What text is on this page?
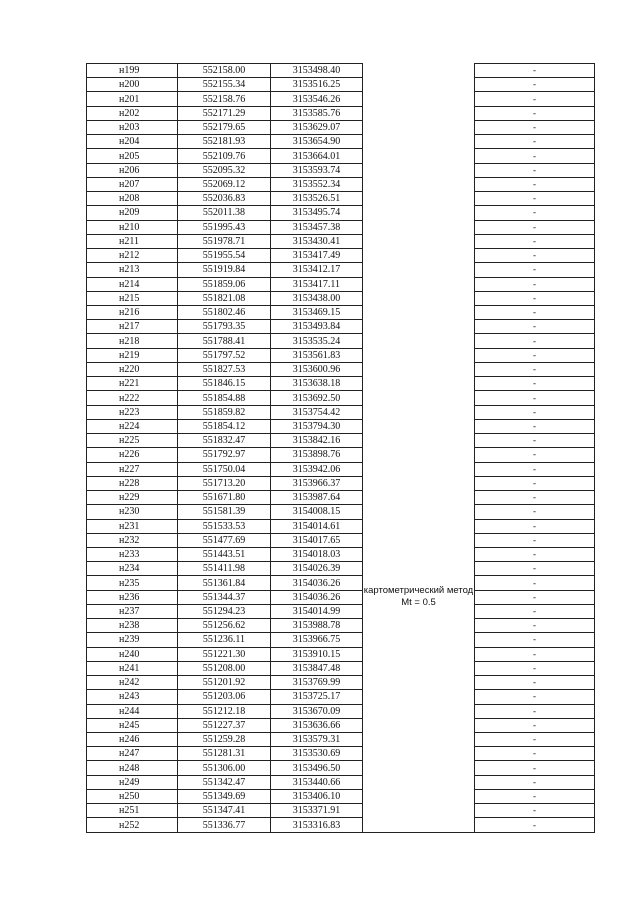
н199	552158.00	3153498.40		-
н200	552155.34	3153516.25		-
н201	552158.76	3153546.26		-
н202	552171.29	3153585.76		-
н203	552179.65	3153629.07		-
н204	552181.93	3153654.90		-
н205	552109.76	3153664.01		-
н206	552095.32	3153593.74		-
н207	552069.12	3153552.34		-
н208	552036.83	3153526.51		-
н209	552011.38	3153495.74		-
н210	551995.43	3153457.38		-
н211	551978.71	3153430.41		-
н212	551955.54	3153417.49		-
н213	551919.84	3153412.17		-
н214	551859.06	3153417.11		-
н215	551821.08	3153438.00		-
н216	551802.46	3153469.15		-
н217	551793.35	3153493.84		-
н218	551788.41	3153535.24		-
н219	551797.52	3153561.83		-
н220	551827.53	3153600.96	картометрический метод Mt = 0.5	-
н221	551846.15	3153638.18		-
н222	551854.88	3153692.50		-
н223	551859.82	3153754.42		-
н224	551854.12	3153794.30		-
н225	551832.47	3153842.16		-
н226	551792.97	3153898.76		-
н227	551750.04	3153942.06		-
н228	551713.20	3153966.37		-
н229	551671.80	3153987.64		-
н230	551581.39	3154008.15		-
н231	551533.53	3154014.61		-
н232	551477.69	3154017.65		-
н233	551443.51	3154018.03		-
н234	551411.98	3154026.39		-
н235	551361.84	3154036.26		-
н236	551344.37	3154036.26		-
н237	551294.23	3154014.99		-
н238	551256.62	3153988.78		-
н239	551236.11	3153966.75		-
н240	551221.30	3153910.15		-
н241	551208.00	3153847.48		-
н242	551201.92	3153769.99		-
н243	551203.06	3153725.17		-
н244	551212.18	3153670.09		-
н245	551227.37	3153636.66		-
н246	551259.28	3153579.31		-
н247	551281.31	3153530.69		-
н248	551306.00	3153496.50		-
н249	551342.47	3153440.66		-
н250	551349.69	3153406.10		-
н251	551347.41	3153371.91		-
н252	551336.77	3153316.83		-
